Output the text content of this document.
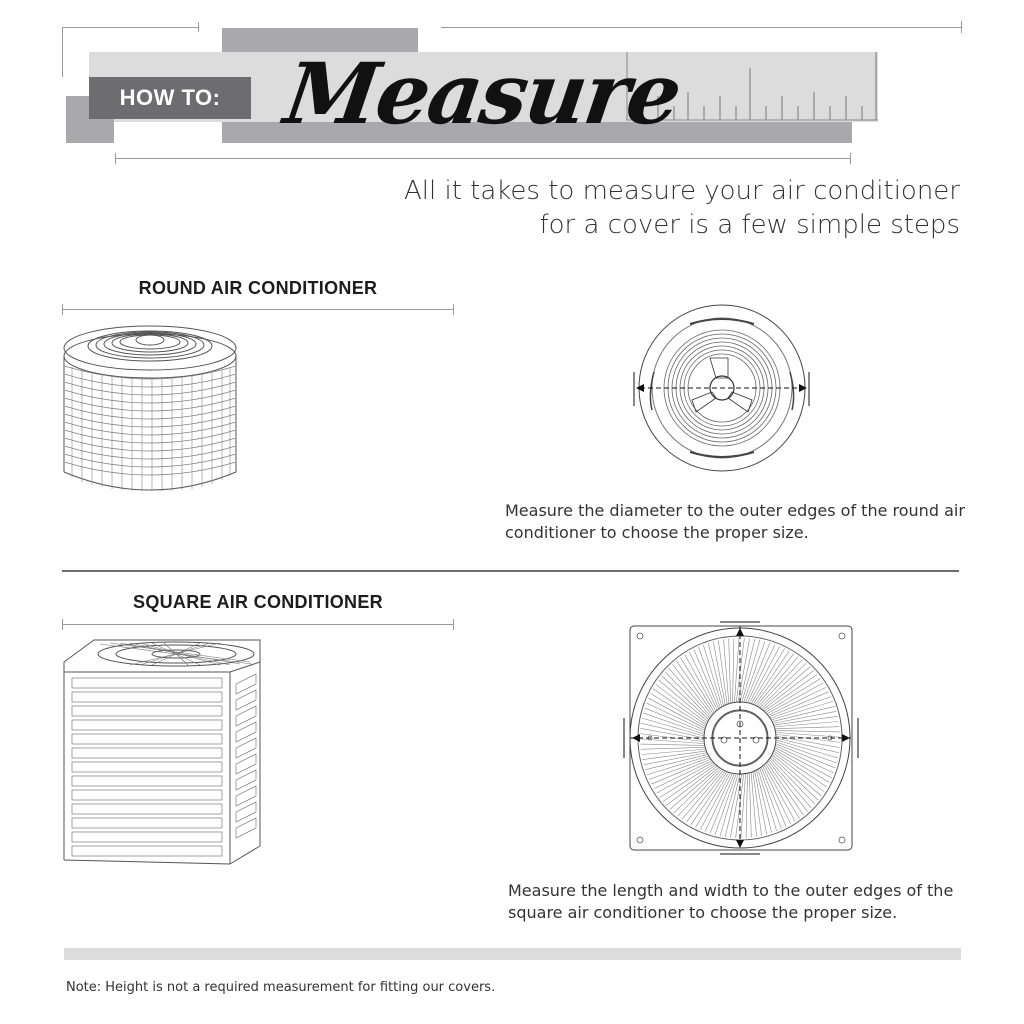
HOW TO: Measure
All it takes to measure your air conditioner for a cover is a few simple steps
ROUND AIR CONDITIONER
Measure the diameter to the outer edges of the round air conditioner to choose the proper size.
SQUARE AIR CONDITIONER
Measure the length and width to the outer edges of the square air conditioner to choose the proper size.
Note: Height is not a required measurement for fitting our covers.
